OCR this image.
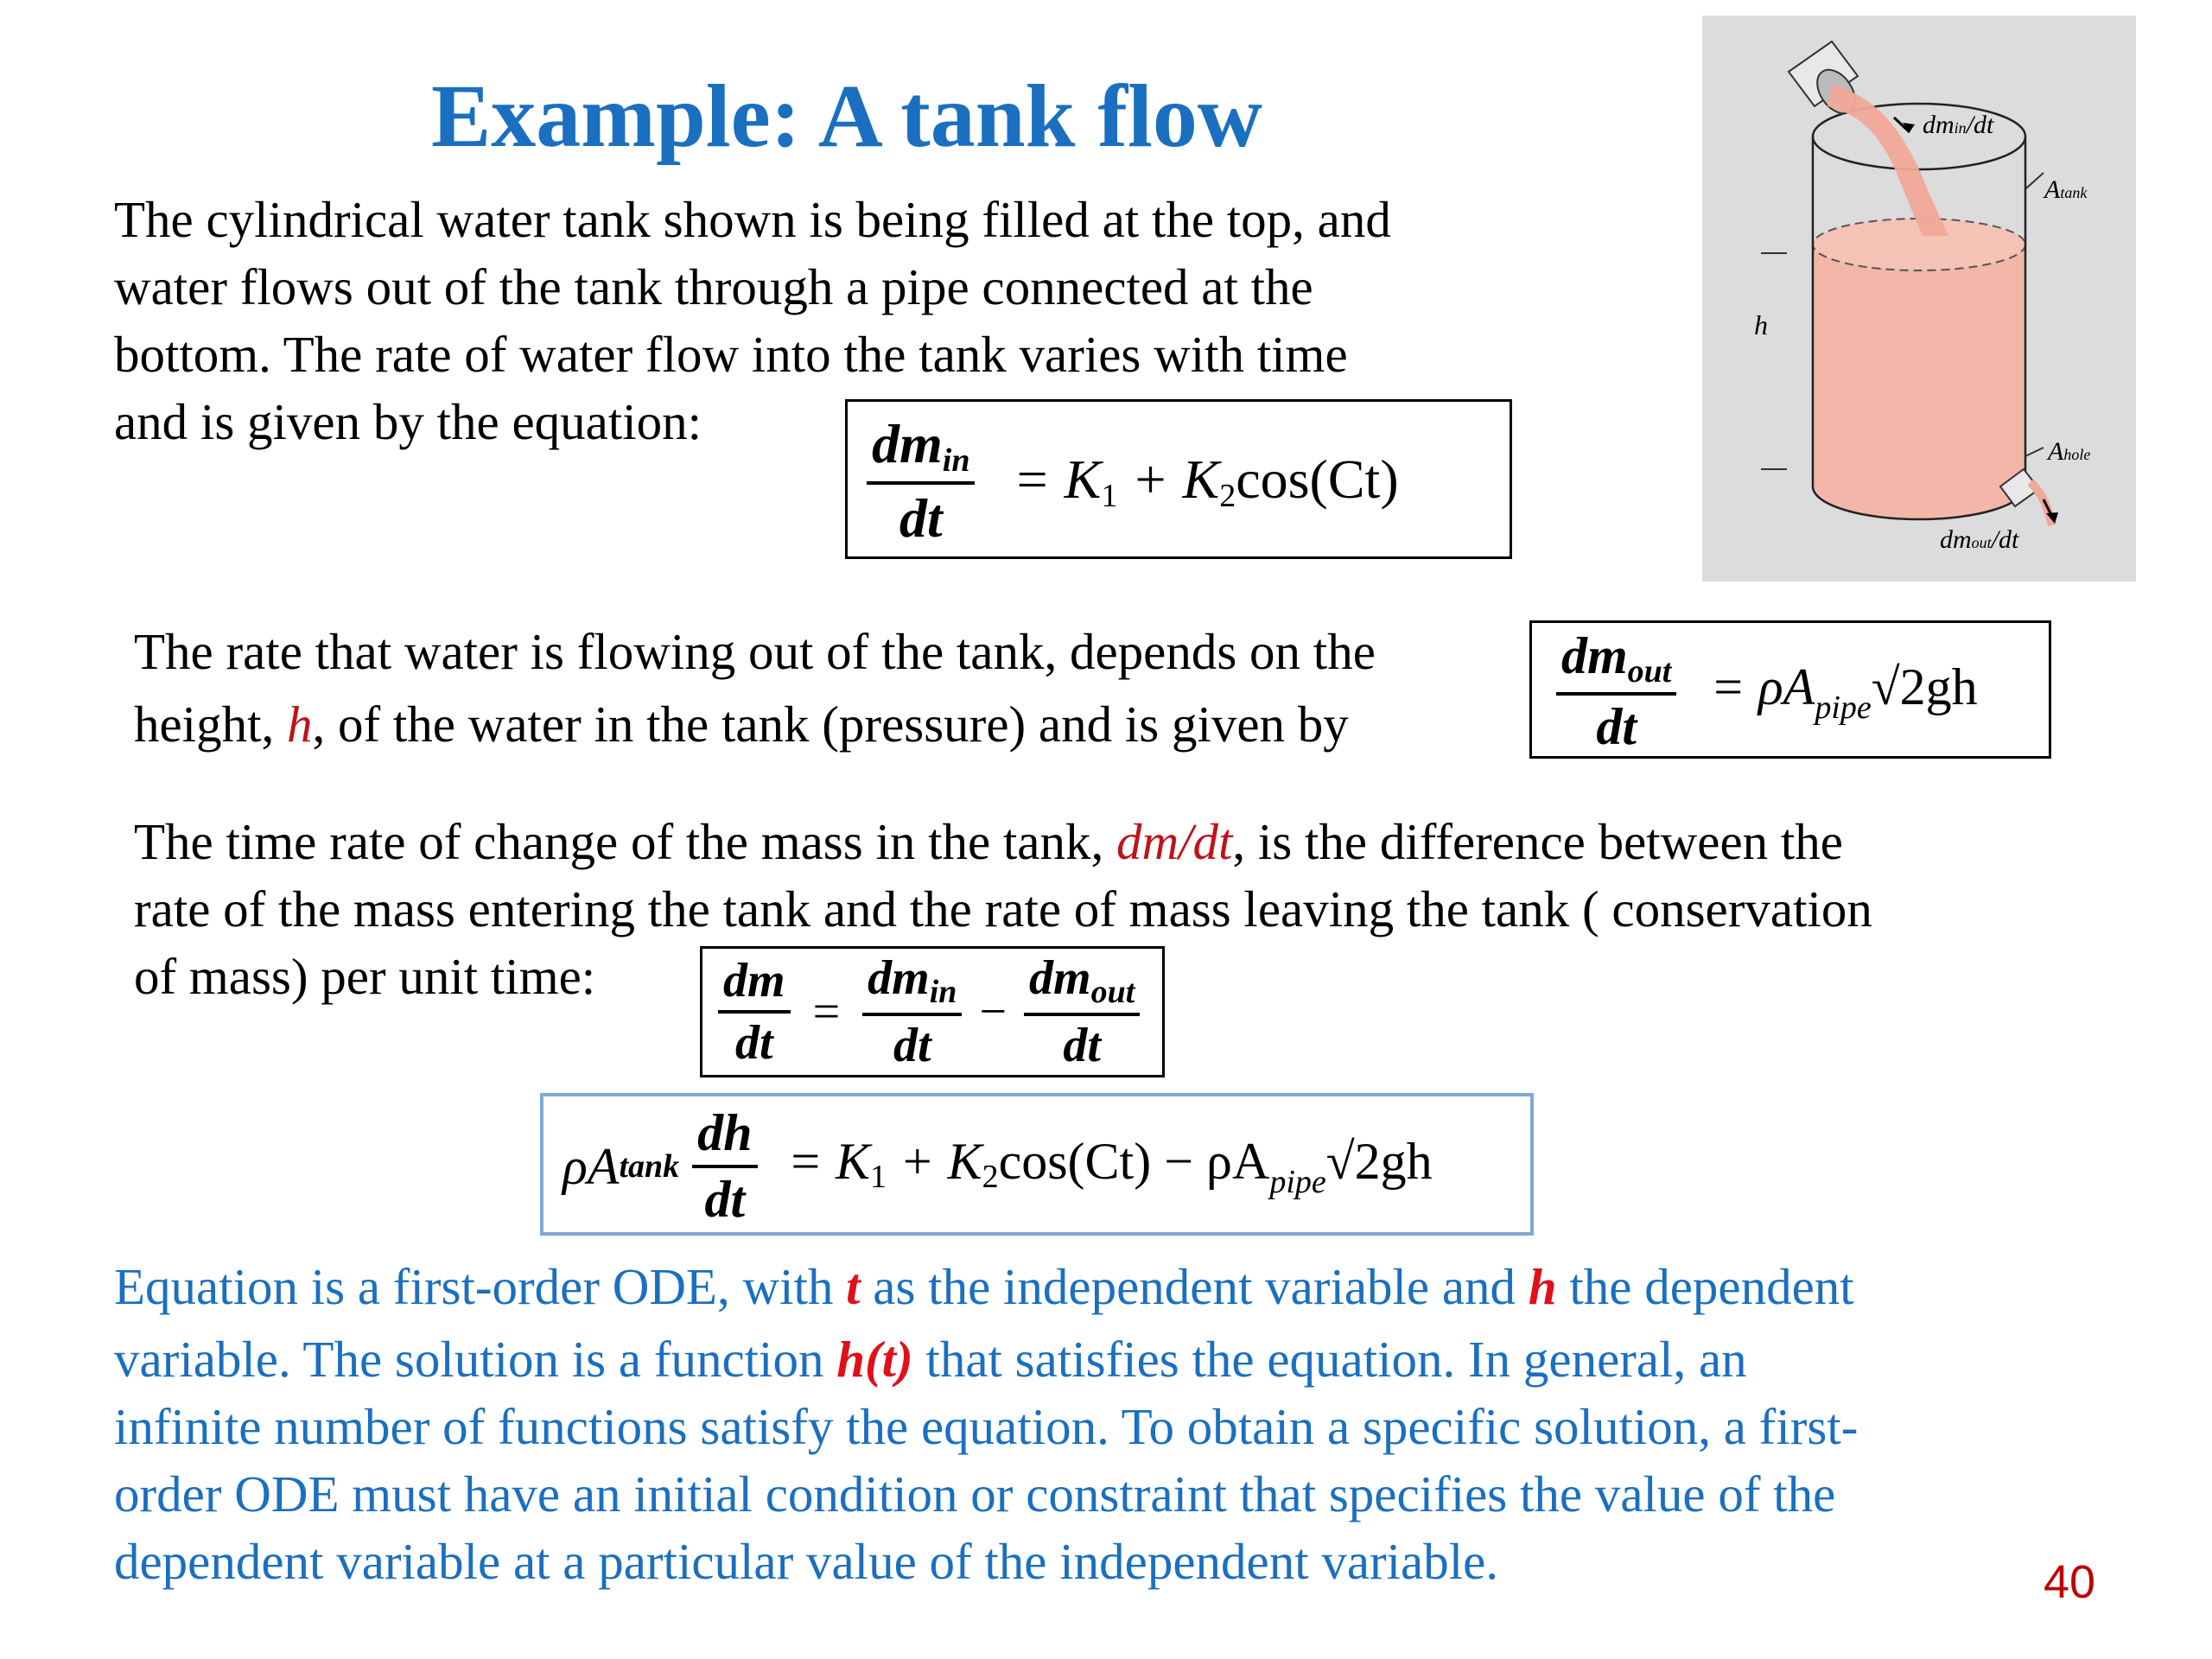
Example: A tank flow
The cylindrical water tank shown is being filled at the top, and
water flows out of the tank through a pipe connected at the
bottom. The rate of water flow into the tank varies with time
and is given by the equation:	$\frac{dm_{in}}{dt} = K_1 + K_2\cos(Ct)$
dmin/dt
Atank
h
Ahole
dmout/dt
The rate that water is flowing out of the tank, depends on the
height, h, of the water in the tank (pressure) and is given by	$\frac{dm_{out}}{dt} = \rho A_{pipe}√2gh$
The time rate of change of the mass in the tank, dm/dt, is the difference between the
rate of the mass entering the tank and the rate of mass leaving the tank ( conservation
of mass) per unit time:	$\frac{dm}{dt} = \frac{dm_{in}}{dt} - \frac{dm_{out}}{dt}$
ρAtank $\frac{dh}{dt} = K_1 + K_2\cos(Ct) - \rho A_{pipe}√2gh$
Equation is a first-order ODE, with t as the independent variable and h the dependent
variable. The solution is a function h(t) that satisfies the equation. In general, an
infinite number of functions satisfy the equation. To obtain a specific solution, a first-
order ODE must have an initial condition or constraint that specifies the value of the
dependent variable at a particular value of the independent variable.	40
